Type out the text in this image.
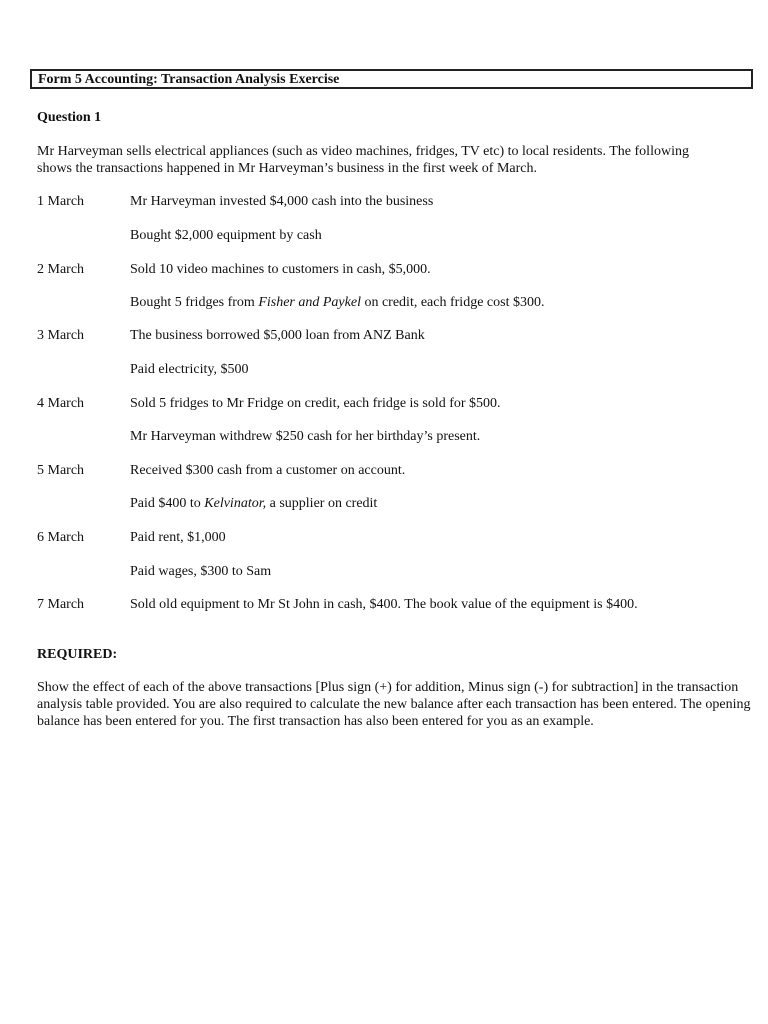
Form 5 Accounting: Transaction Analysis Exercise
Question 1
Mr Harveyman sells electrical appliances (such as video machines, fridges, TV etc) to local residents. The following shows the transactions happened in Mr Harveyman’s business in the first week of March.
1 March	Mr Harveyman invested $4,000 cash into the business
Bought $2,000 equipment by cash
2 March	Sold 10 video machines to customers in cash, $5,000.
Bought 5 fridges from Fisher and Paykel on credit, each fridge cost $300.
3 March	The business borrowed $5,000 loan from ANZ Bank
Paid electricity, $500
4 March	Sold 5 fridges to Mr Fridge on credit, each fridge is sold for $500.
Mr Harveyman withdrew $250 cash for her birthday’s present.
5 March	Received $300 cash from a customer on account.
Paid $400 to Kelvinator, a supplier on credit
6 March	Paid rent, $1,000
Paid wages, $300 to Sam
7 March	Sold old equipment to Mr St John in cash, $400. The book value of the equipment is $400.
REQUIRED:
Show the effect of each of the above transactions [Plus sign (+) for addition, Minus sign (-) for subtraction] in the transaction analysis table provided. You are also required to calculate the new balance after each transaction has been entered. The opening balance has been entered for you. The first transaction has also been entered for you as an example.
